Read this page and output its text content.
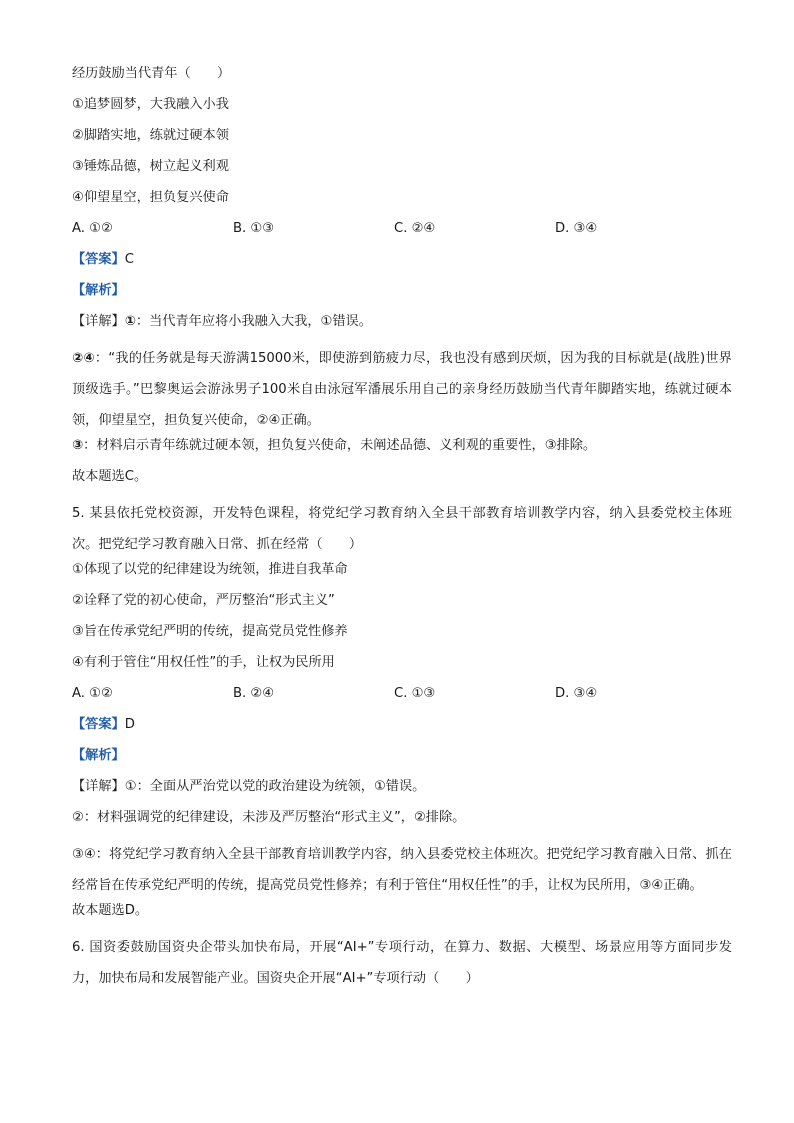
经历鼓励当代青年（　　）
①追梦圆梦，大我融入小我
②脚踏实地，练就过硬本领
③锤炼品德，树立起义利观
④仰望星空，担负复兴使命
A. ①②	B. ①③	C. ②④	D. ③④
【答案】C
【解析】
【详解】①：当代青年应将小我融入大我，①错误。
②④：“我的任务就是每天游满15000米，即使游到筋疲力尽，我也没有感到厌烦，因为我的目标就是(战胜)世界顶级选手。”巴黎奥运会游泳男子100米自由泳冠军潘展乐用自己的亲身经历鼓励当代青年脚踏实地，练就过硬本领，仰望星空，担负复兴使命，②④正确。
③：材料启示青年练就过硬本领，担负复兴使命，未阐述品德、义利观的重要性，③排除。
故本题选C。
5. 某县依托党校资源，开发特色课程，将党纪学习教育纳入全县干部教育培训教学内容，纳入县委党校主体班次。把党纪学习教育融入日常、抓在经常（　　）
①体现了以党的纪律建设为统领，推进自我革命
②诠释了党的初心使命，严厉整治“形式主义”
③旨在传承党纪严明的传统，提高党员党性修养
④有利于管住“用权任性”的手，让权为民所用
A. ①②	B. ②④	C. ①③	D. ③④
【答案】D
【解析】
【详解】①：全面从严治党以党的政治建设为统领，①错误。
②：材料强调党的纪律建设，未涉及严厉整治“形式主义”，②排除。
③④：将党纪学习教育纳入全县干部教育培训教学内容，纳入县委党校主体班次。把党纪学习教育融入日常、抓在经常旨在传承党纪严明的传统，提高党员党性修养；有利于管住“用权任性”的手，让权为民所用，③④正确。
故本题选D。
6. 国资委鼓励国资央企带头加快布局，开展“AI+”专项行动，在算力、数据、大模型、场景应用等方面同步发力，加快布局和发展智能产业。国资央企开展“AI+”专项行动（　　）
